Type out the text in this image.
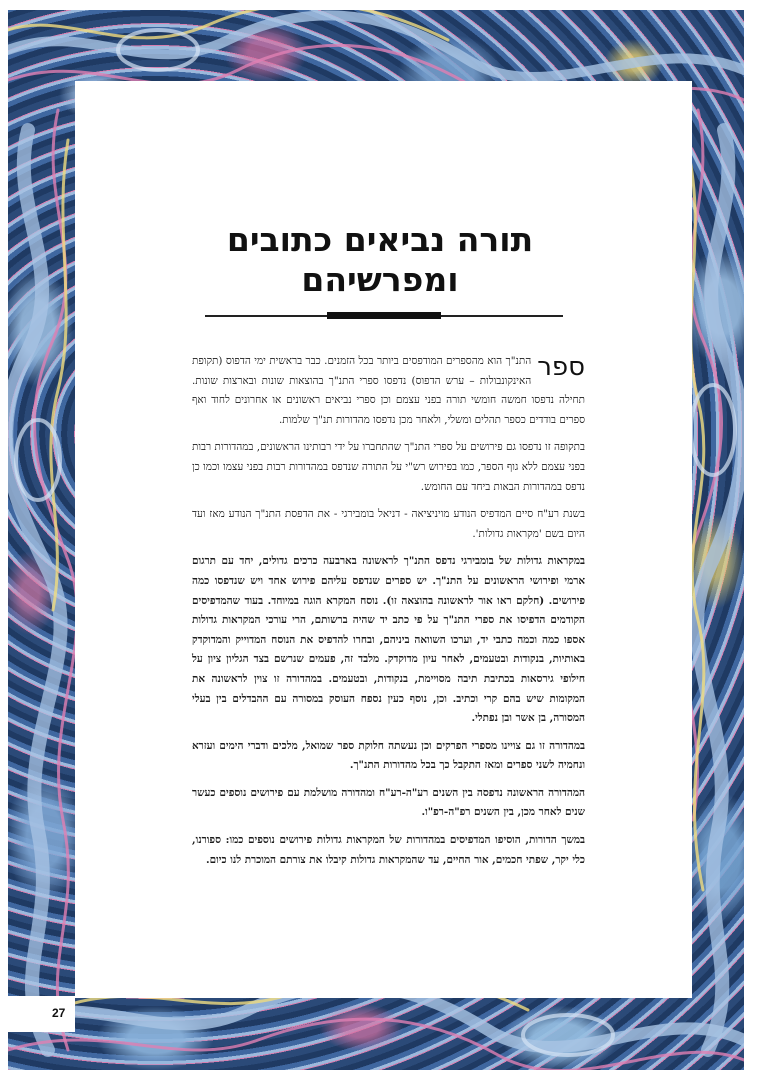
27
תורה נביאים כתובים
ומפרשיהם

ספר
התנ"ך הוא מהספרים המודפסים ביותר בכל הזמנים. כבר בראשית ימי הדפוס (תקופת האינקונבולות – ערש הדפוס) נדפסו ספרי התנ"ך בהוצאות שונות ובארצות שונות. תחילה נדפסו חמשה חומשי תורה בפני עצמם וכן ספרי נביאים ראשונים או אחרונים לחוד ואף ספרים בודדים כספר תהלים ומשלי, ולאחר מכן נדפסו מהדורות תנ"ך שלמות.

בתקופה זו נדפסו גם פירושים על ספרי התנ"ך שהתחברו על ידי רבותינו הראשונים, במהדורות רבות בפני עצמם ללא גוף הספר, כמו בפירוש רש"י על התורה שנדפס במהדורות רבות בפני עצמו וכמו כן נדפס במהדורות הבאות ביחד עם החומש.

בשנת רע"ח סיים המדפיס הנודע מויניציאה - דניאל בומבירגי - את הדפסת התנ"ך הנודע מאז ועד היום בשם 'מקראות גדולות'.

במקראות גדולות של בומבירגי נדפס התנ"ך לראשונה בארבעה כרכים גדולים, יחד עם תרגום ארמי ופירושי הראשונים על התנ"ך. יש ספרים שנדפס עליהם פירוש אחד ויש שנדפסו כמה פירושים. (חלקם ראו אור לראשונה בהוצאה זו). נוסח המקרא הוגה במיוחד. בעוד שהמדפיסים הקודמים הדפיסו את ספרי התנ"ך על פי כתב יד שהיה ברשותם, הרי עורכי המקראות גדולות אספו כמה וכמה כתבי יד, וערכו השוואה ביניהם, ובחרו להדפיס את הנוסח המדוייק והמדוקדק באותיות, בנקודות ובטעמים, לאחר עיון מדוקדק. מלבד זה, פעמים שנרשם בצד הגליון ציון על חילופי גירסאות בכתיבת תיבה מסויימת, בנקודות, ובטעמים. במהדורה זו צוין לראשונה את המקומות שיש בהם קרי וכתיב. וכן, נוסף כעין נספח העוסק במסורה עם ההבדלים בין בעלי המסורה, בן אשר ובן נפתלי.

במהדורה זו גם צויינו מספרי הפרקים וכן נעשתה חלוקת ספר שמואל, מלכים ודברי הימים ועזרא ונחמיה לשני ספרים ומאז התקבל כך בכל מהדורות התנ"ך.

המהדורה הראשונה נדפסה בין השנים רע"ה-רע"ח ומהדורה מושלמת עם פירושים נוספים כעשר שנים לאחר מכן, בין השנים רפ"ה-רפ"ו.

במשך הדורות, הוסיפו המדפיסים במהדורות של המקראות גדולות פירושים נוספים כמו: ספורנו, כלי יקר, שפתי חכמים, אור החיים, עד שהמקראות גדולות קיבלו את צורתם המוכרת לנו כיום.
